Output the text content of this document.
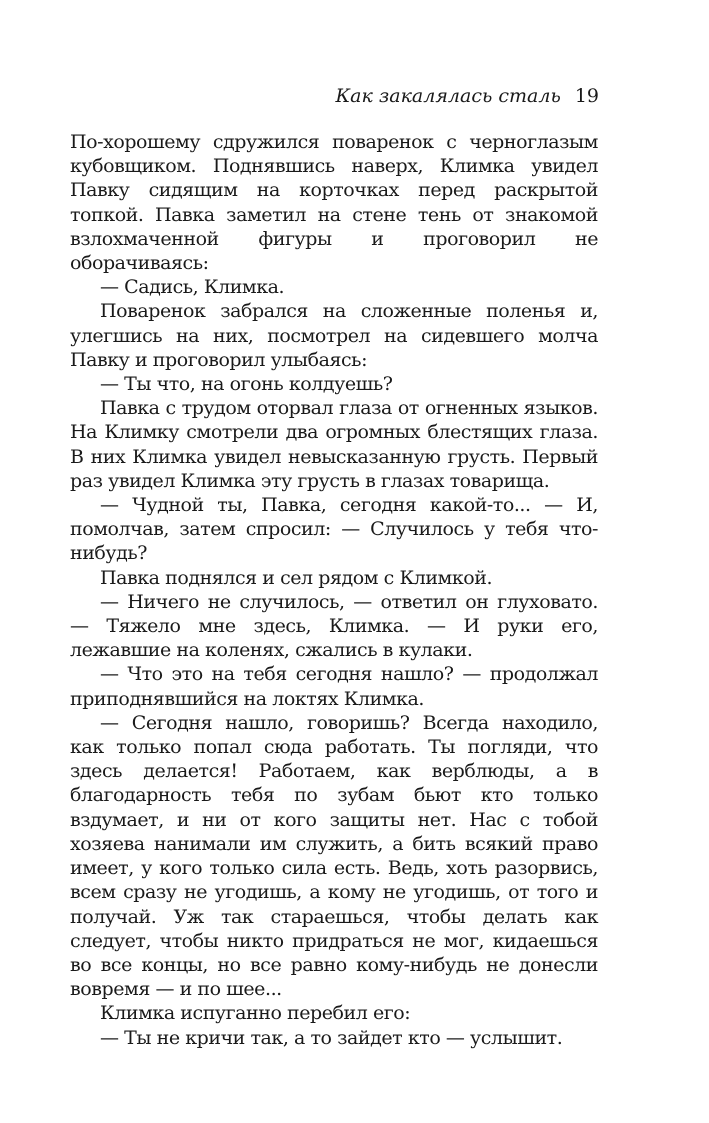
Как закалялась сталь 19

По-хорошему сдружился поваренок с черноглазым кубовщиком. Поднявшись наверх, Климка увидел Павку сидящим на корточках перед раскрытой топкой. Павка заметил на стене тень от знакомой взлохмаченной фигуры и проговорил не оборачиваясь:

— Садись, Климка.

Поваренок забрался на сложенные поленья и, улегшись на них, посмотрел на сидевшего молча Павку и проговорил улыбаясь:

— Ты что, на огонь колдуешь?

Павка с трудом оторвал глаза от огненных языков. На Климку смотрели два огромных блестящих глаза. В них Климка увидел невысказанную грусть. Первый раз увидел Климка эту грусть в глазах товарища.

— Чудной ты, Павка, сегодня какой-то... — И, помолчав, затем спросил: — Случилось у тебя что-нибудь?

Павка поднялся и сел рядом с Климкой.

— Ничего не случилось, — ответил он глуховато. — Тяжело мне здесь, Климка. — И руки его, лежавшие на коленях, сжались в кулаки.

— Что это на тебя сегодня нашло? — продолжал приподнявшийся на локтях Климка.

— Сегодня нашло, говоришь? Всегда находило, как только попал сюда работать. Ты погляди, что здесь делается! Работаем, как верблюды, а в благодарность тебя по зубам бьют кто только вздумает, и ни от кого защиты нет. Нас с тобой хозяева нанимали им служить, а бить всякий право имеет, у кого только сила есть. Ведь, хоть разорвись, всем сразу не угодишь, а кому не угодишь, от того и получай. Уж так стараешься, чтобы делать как следует, чтобы никто придраться не мог, кидаешься во все концы, но все равно кому-нибудь не донесли вовремя — и по шее...

Климка испуганно перебил его:

— Ты не кричи так, а то зайдет кто — услышит.
